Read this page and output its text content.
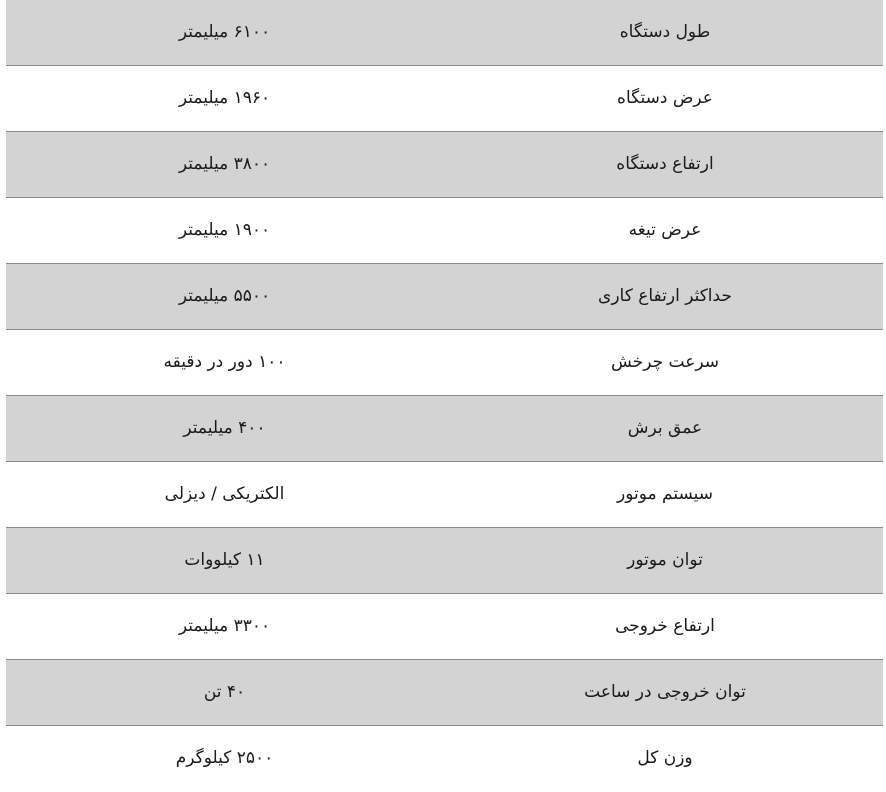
طول دستگاه	۶۱۰۰ میلیمتر
عرض دستگاه	۱۹۶۰ میلیمتر
ارتفاع دستگاه	۳۸۰۰ میلیمتر
عرض تیغه	۱۹۰۰ میلیمتر
حداکثر ارتفاع کاری	۵۵۰۰ میلیمتر
سرعت چرخش	۱۰۰ دور در دقیقه
عمق برش	۴۰۰ میلیمتر
سیستم موتور	الکتریکی / دیزلی
توان موتور	۱۱ کیلووات
ارتفاع خروجی	۳۳۰۰ میلیمتر
توان خروجی در ساعت	۴۰ تن
وزن کل	۲۵۰۰ کیلوگرم
